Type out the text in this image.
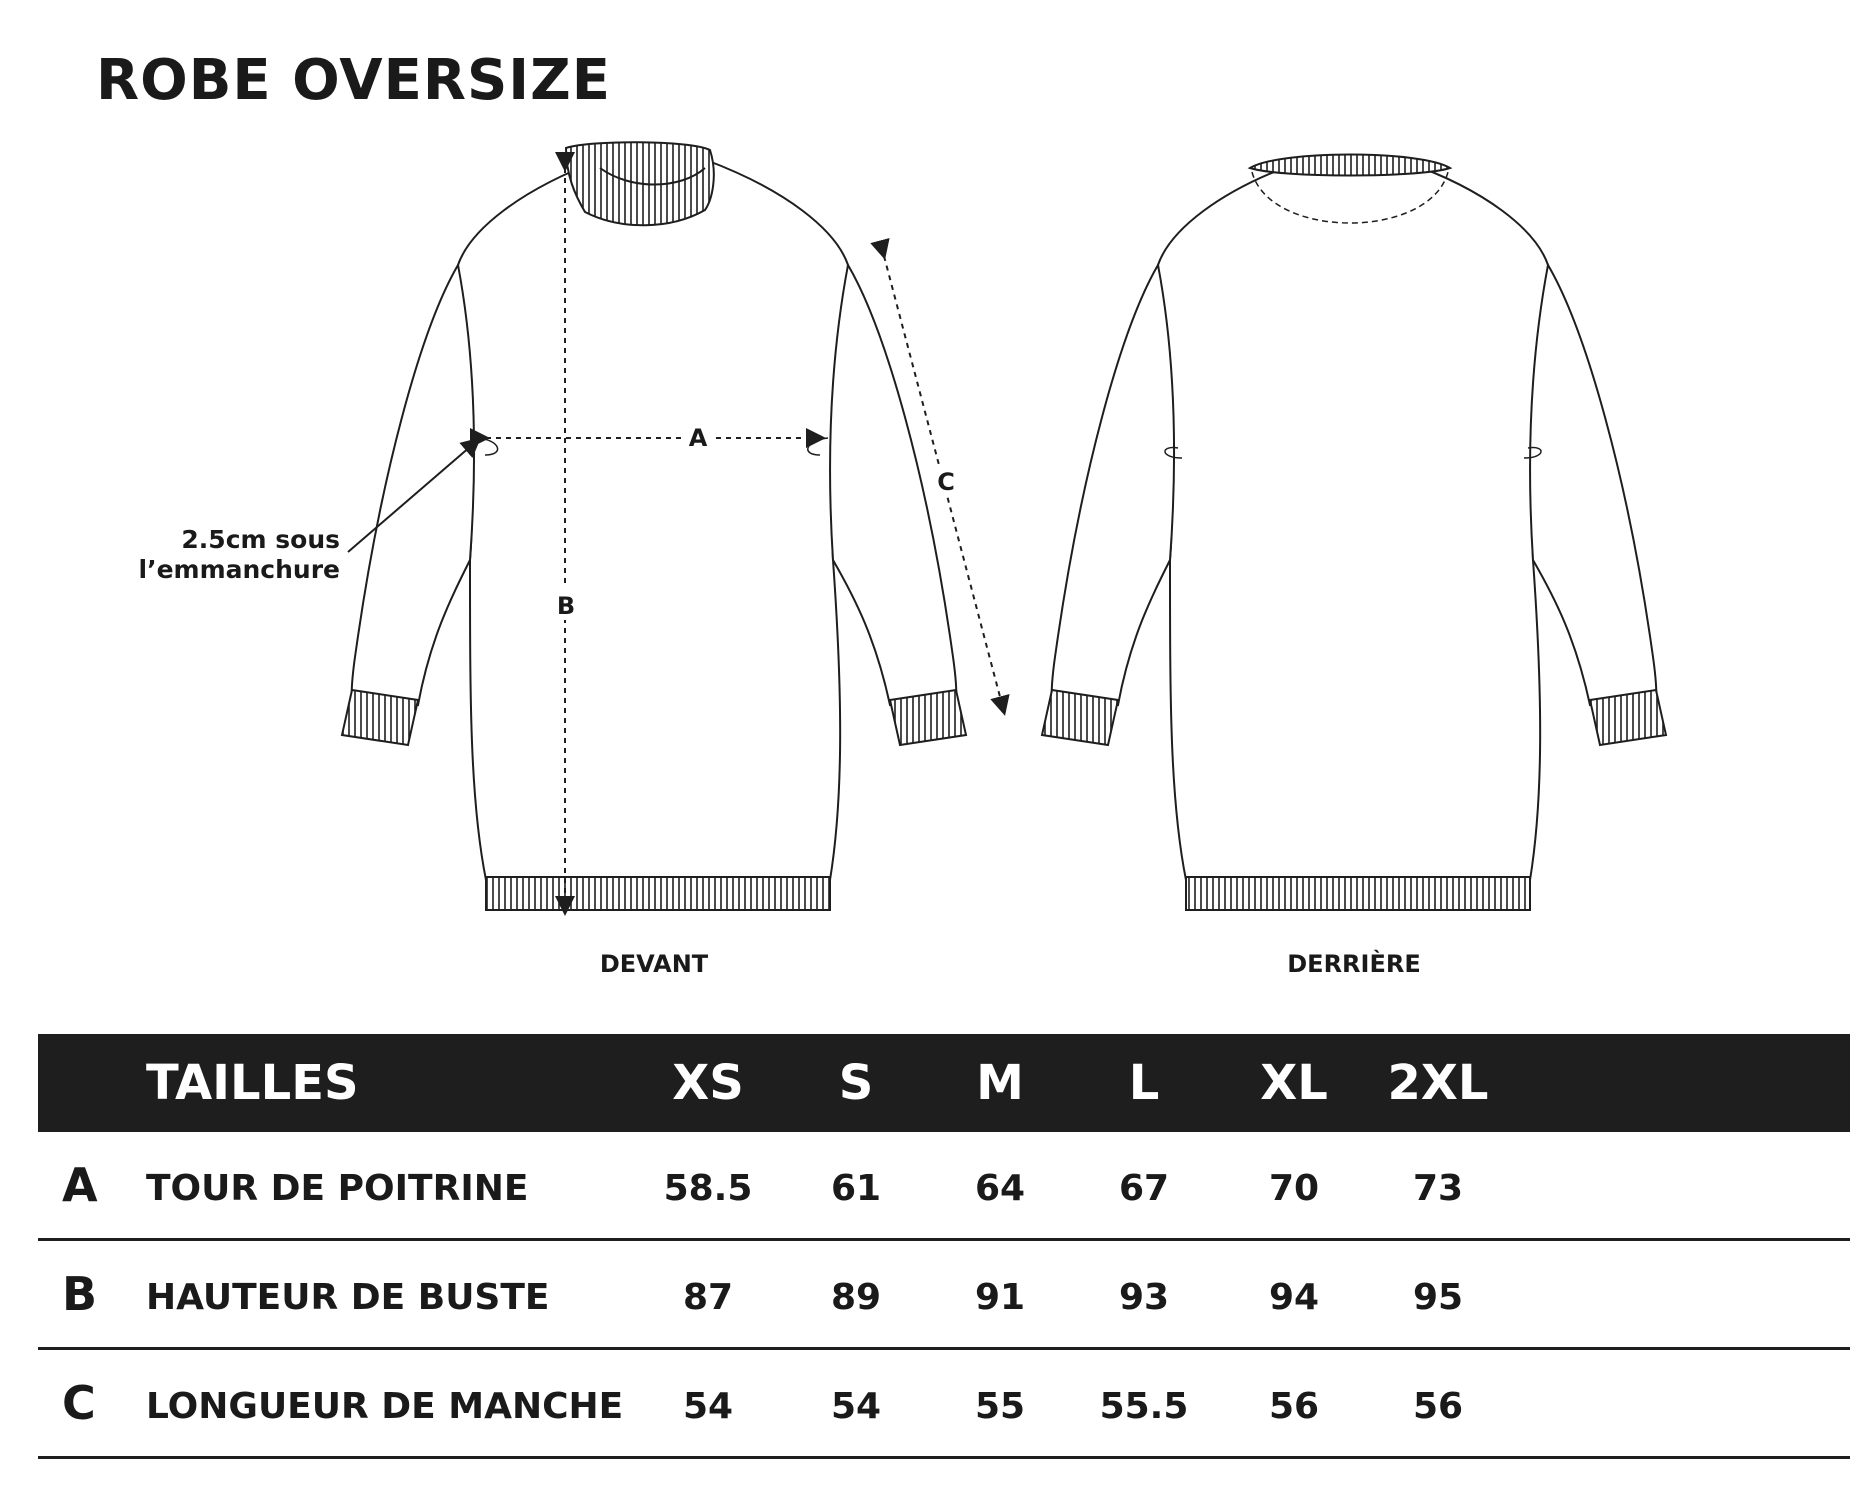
ROBE OVERSIZE
A
B
C
2.5cm sous
l’emmanchure
DEVANT	DERRIÈRE
TAILLES	XS	S	M	L	XL	2XL
A TOUR DE POITRINE	58.5	61	64	67	70	73
B HAUTEUR DE BUSTE	87	89	91	93	94	95
C LONGUEUR DE MANCHE	54	54	55	55.5	56	56
